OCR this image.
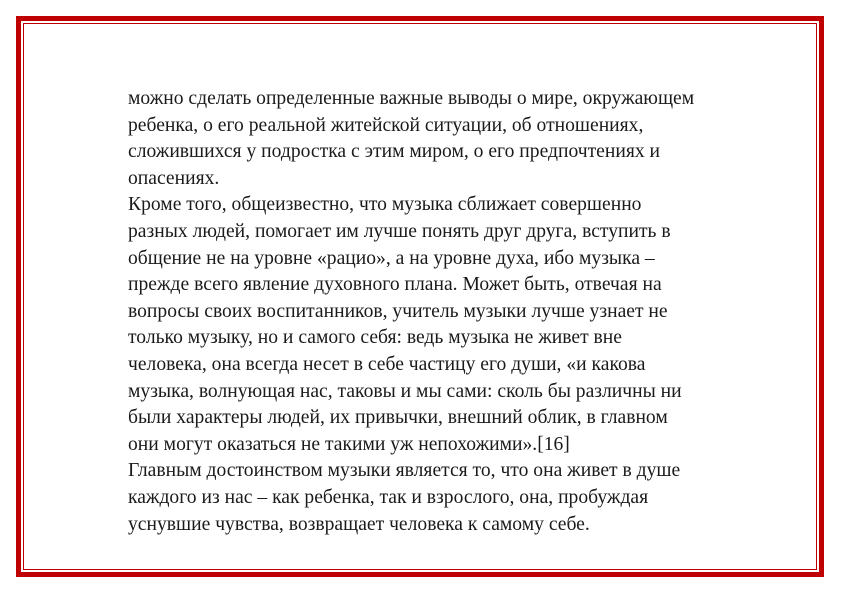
можно сделать определенные важные выводы о мире, окружающем
ребенка, о его реальной житейской ситуации, об отношениях,
сложившихся у подростка с этим миром, о его предпочтениях и
опасениях.
Кроме того, общеизвестно, что музыка сближает совершенно
разных людей, помогает им лучше понять друг друга, вступить в
общение не на уровне «рацио», а на уровне духа, ибо музыка –
прежде всего явление духовного плана. Может быть, отвечая на
вопросы своих воспитанников, учитель музыки лучше узнает не
только музыку, но и самого себя: ведь музыка не живет вне
человека, она всегда несет в себе частицу его души, «и какова
музыка, волнующая нас, таковы и мы сами: сколь бы различны ни
были характеры людей, их привычки, внешний облик, в главном
они могут оказаться не такими уж непохожими».[16]
Главным достоинством музыки является то, что она живет в душе
каждого из нас – как ребенка, так и взрослого, она, пробуждая
уснувшие чувства, возвращает человека к самому себе.
